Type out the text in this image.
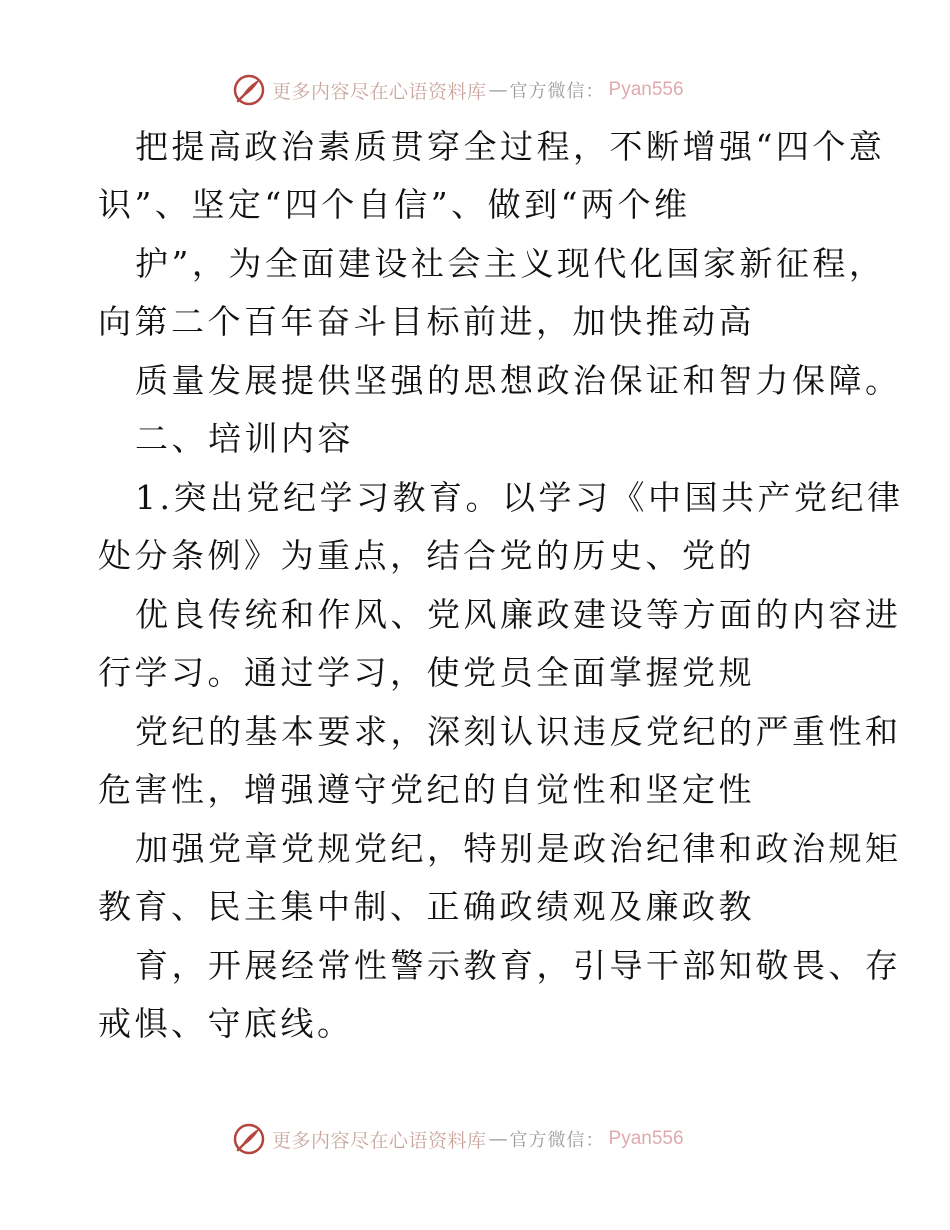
更多内容尽在心语资料库 — 官方微信： Pyan556
把提高政治素质贯穿全过程，不断增强“四个意
识”、坚定“四个自信”、做到“两个维
护”，为全面建设社会主义现代化国家新征程，
向第二个百年奋斗目标前进，加快推动高
质量发展提供坚强的思想政治保证和智力保障。
二、培训内容
1.突出党纪学习教育。以学习《中国共产党纪律
处分条例》为重点，结合党的历史、党的
优良传统和作风、党风廉政建设等方面的内容进
行学习。通过学习，使党员全面掌握党规
党纪的基本要求，深刻认识违反党纪的严重性和
危害性，增强遵守党纪的自觉性和坚定性
加强党章党规党纪，特别是政治纪律和政治规矩
教育、民主集中制、正确政绩观及廉政教
育，开展经常性警示教育，引导干部知敬畏、存
戒惧、守底线。
更多内容尽在心语资料库 — 官方微信： Pyan556
